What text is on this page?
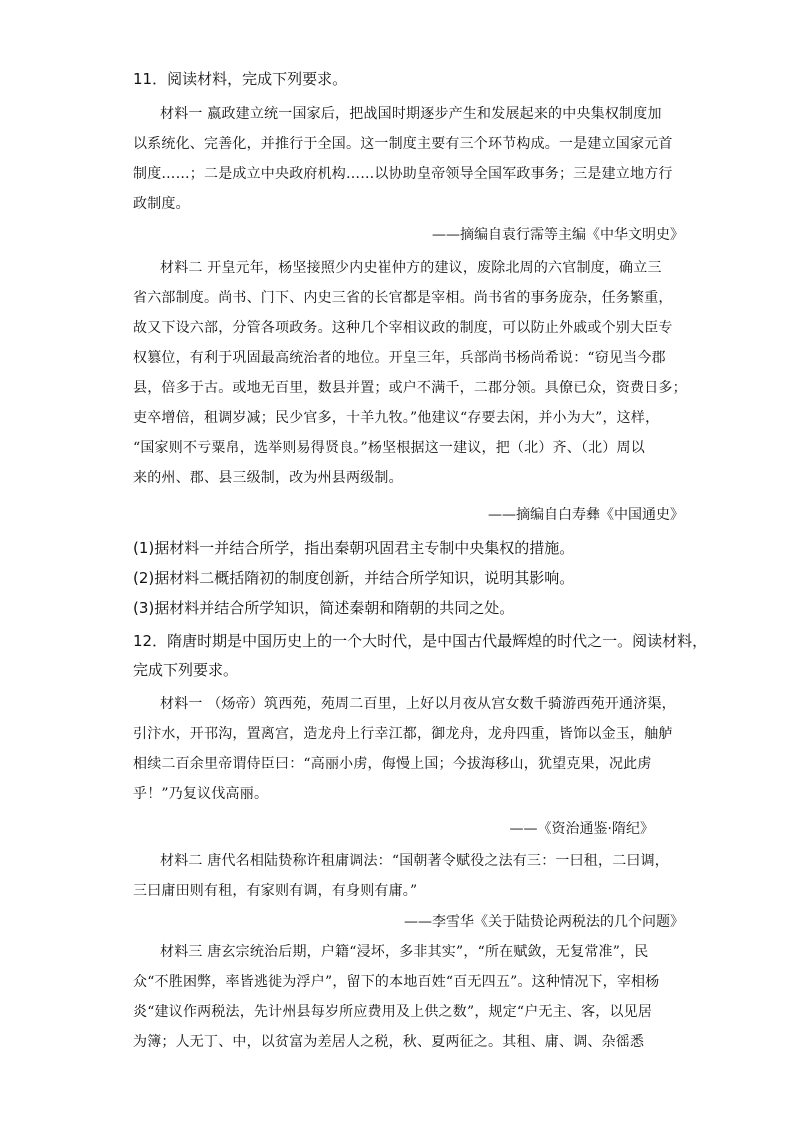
11．阅读材料，完成下列要求。
材料一 嬴政建立统一国家后，把战国时期逐步产生和发展起来的中央集权制度加
以系统化、完善化，并推行于全国。这一制度主要有三个环节构成。一是建立国家元首
制度……；二是成立中央政府机构……以协助皇帝领导全国军政事务；三是建立地方行
政制度。
——摘编自袁行霈等主编《中华文明史》
材料二 开皇元年，杨坚接照少内史崔仲方的建议，废除北周的六官制度，确立三
省六部制度。尚书、门下、内史三省的长官都是宰相。尚书省的事务庞杂，任务繁重，
故又下设六部，分管各项政务。这种几个宰相议政的制度，可以防止外戚或个别大臣专
权篡位，有利于巩固最高统治者的地位。开皇三年，兵部尚书杨尚希说：“窃见当今郡
县，倍多于古。或地无百里，数县并置；或户不满千，二郡分领。具僚已众，资费日多；
吏卒增倍，租调岁减；民少官多，十羊九牧。”他建议“存要去闲，并小为大”，这样，
“国家则不亏粟帛，选举则易得贤良。”杨坚根据这一建议，把（北）齐、（北）周以
来的州、郡、县三级制，改为州县两级制。
——摘编自白寿彝《中国通史》
(1)据材料一并结合所学，指出秦朝巩固君主专制中央集权的措施。
(2)据材料二概括隋初的制度创新，并结合所学知识，说明其影响。
(3)据材料并结合所学知识，简述秦朝和隋朝的共同之处。
12．隋唐时期是中国历史上的一个大时代，是中国古代最辉煌的时代之一。阅读材料，
完成下列要求。
材料一 （炀帝）筑西苑，苑周二百里，上好以月夜从宫女数千骑游西苑开通济渠，
引汴水，开邗沟，置离宫，造龙舟上行幸江都，御龙舟，龙舟四重，皆饰以金玉，舳舻
相续二百余里帝谓侍臣曰：“高丽小虏，侮慢上国；今拔海移山，犹望克果，况此虏
乎！”乃复议伐高丽。
——《资治通鉴·隋纪》
材料二 唐代名相陆贽称许租庸调法：“国朝著令赋役之法有三：一曰租，二曰调，
三曰庸田则有租，有家则有调，有身则有庸。”
——李雪华《关于陆贽论两税法的几个问题》
材料三 唐玄宗统治后期，户籍“浸坏，多非其实”，“所在赋敛，无复常准”，民
众“不胜困弊，率皆逃徙为浮户”，留下的本地百姓“百无四五”。这种情况下，宰相杨
炎“建议作两税法，先计州县每岁所应费用及上供之数”，规定“户无主、客，以见居
为簿；人无丁、中，以贫富为差居人之税，秋、夏两征之。其租、庸、调、杂徭悉
